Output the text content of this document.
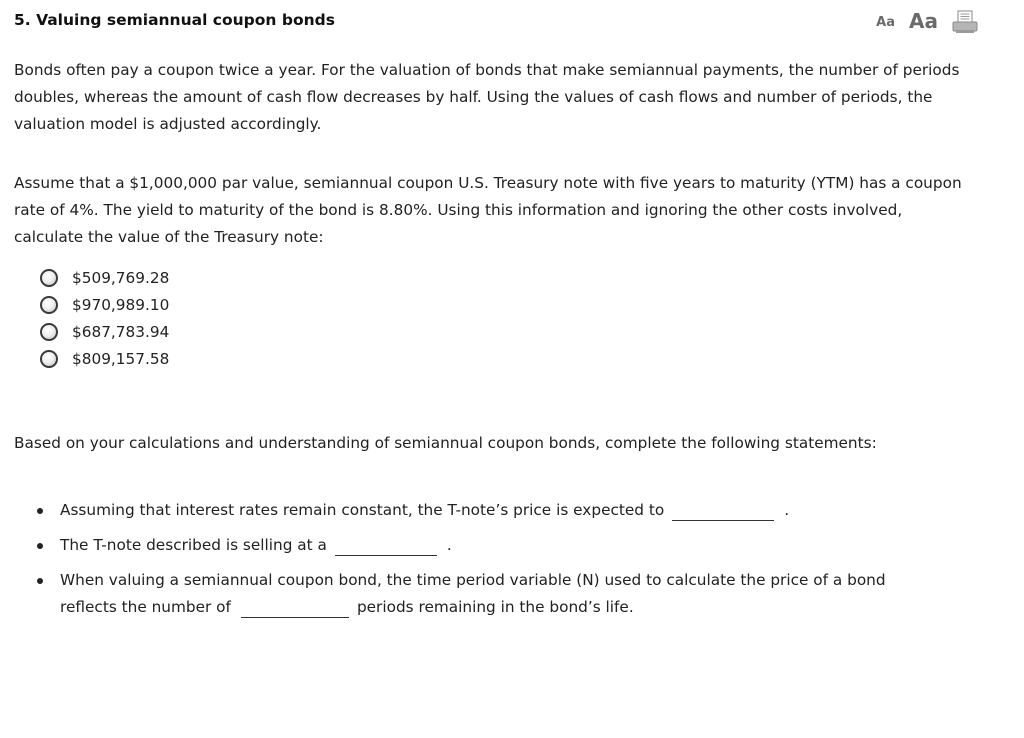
5. Valuing semiannual coupon bonds	Aa Aa
Bonds often pay a coupon twice a year. For the valuation of bonds that make semiannual payments, the number of periods doubles, whereas the amount of cash flow decreases by half. Using the values of cash flows and number of periods, the valuation model is adjusted accordingly.
Assume that a $1,000,000 par value, semiannual coupon U.S. Treasury note with five years to maturity (YTM) has a coupon rate of 4%. The yield to maturity of the bond is 8.80%. Using this information and ignoring the other costs involved, calculate the value of the Treasury note:
$509,769.28
$970,989.10
$687,783.94
$809,157.58
Based on your calculations and understanding of semiannual coupon bonds, complete the following statements:
Assuming that interest rates remain constant, the T-note’s price is expected to	.
The T-note described is selling at a	.
When valuing a semiannual coupon bond, the time period variable (N) used to calculate the price of a bond reflects the number of	periods remaining in the bond’s life.
